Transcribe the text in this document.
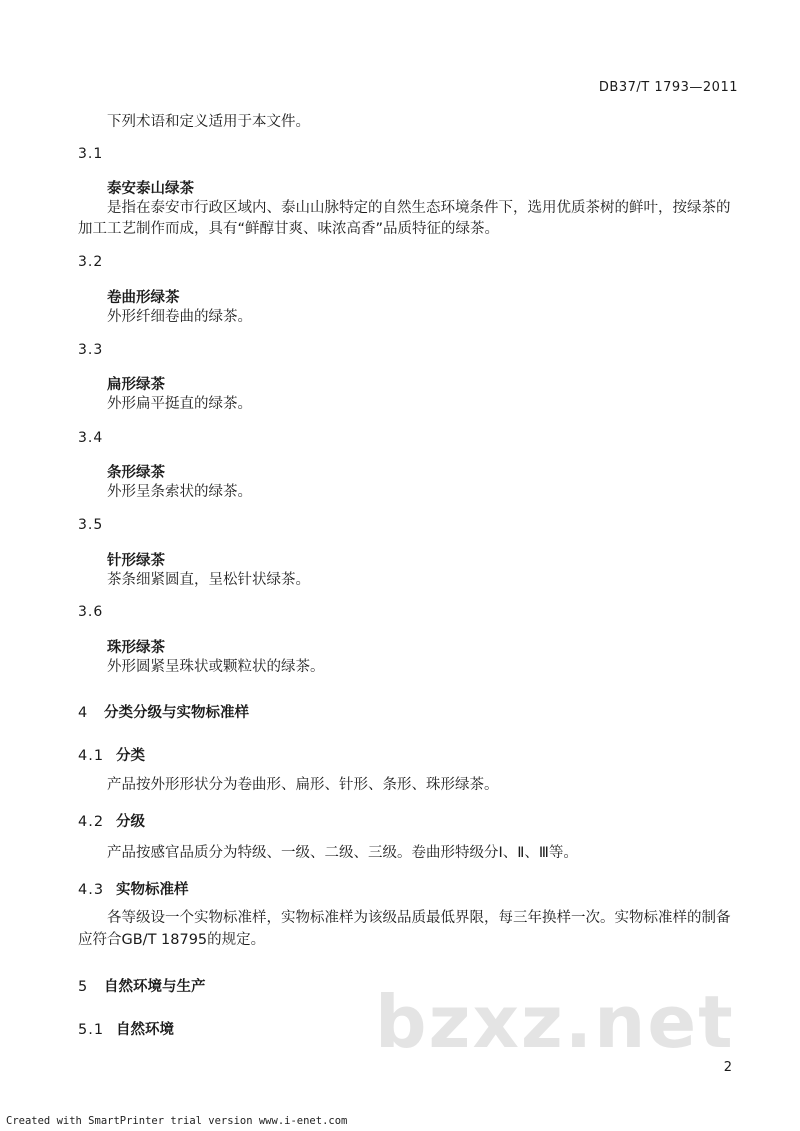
DB37/T 1793—2011
下列术语和定义适用于本文件。
3.1
泰安泰山绿茶
是指在泰安市行政区域内、泰山山脉特定的自然生态环境条件下，选用优质茶树的鲜叶，按绿茶的
加工工艺制作而成，具有“鲜醇甘爽、味浓高香”品质特征的绿茶。
3.2
卷曲形绿茶
外形纤细卷曲的绿茶。
3.3
扁形绿茶
外形扁平挺直的绿茶。
3.4
条形绿茶
外形呈条索状的绿茶。
3.5
针形绿茶
茶条细紧圆直，呈松针状绿茶。
3.6
珠形绿茶
外形圆紧呈珠状或颗粒状的绿茶。
4 分类分级与实物标准样
4.1 分类
产品按外形形状分为卷曲形、扁形、针形、条形、珠形绿茶。
4.2 分级
产品按感官品质分为特级、一级、二级、三级。卷曲形特级分Ⅰ、Ⅱ、Ⅲ等。
4.3 实物标准样
各等级设一个实物标准样，实物标准样为该级品质最低界限，每三年换样一次。实物标准样的制备
应符合GB/T 18795的规定。
5 自然环境与生产 bzxz.net
5.1 自然环境
2
Created with SmartPrinter trial version www.i-enet.com
